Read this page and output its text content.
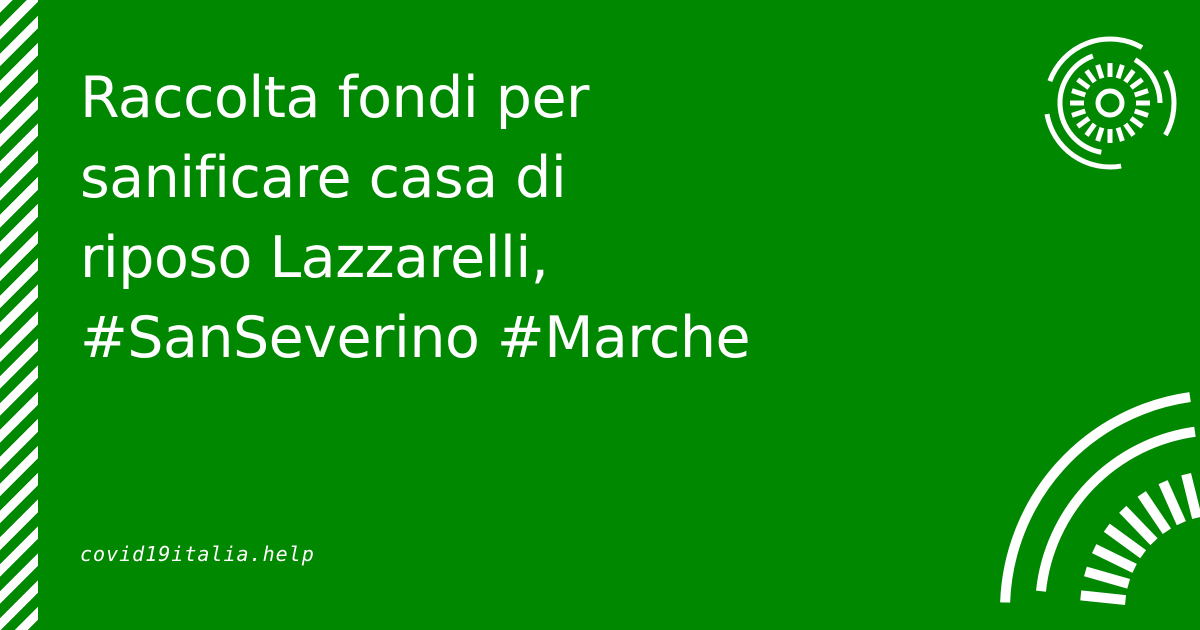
Raccolta fondi per
sanificare casa di
riposo Lazzarelli,
#SanSeverino #Marche
covid19italia.help
